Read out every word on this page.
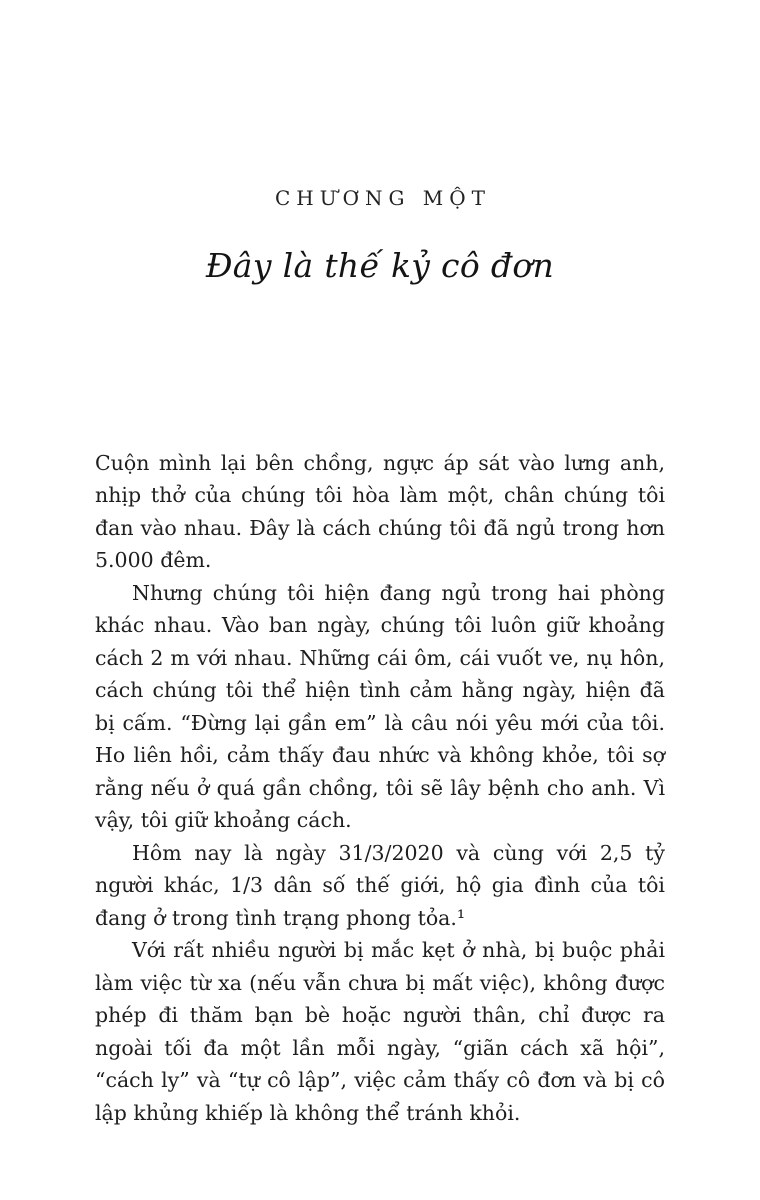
CHƯƠNG MỘT
Đây là thế kỷ cô đơn

Cuộn mình lại bên chồng, ngực áp sát vào lưng anh, nhịp thở của chúng tôi hòa làm một, chân chúng tôi đan vào nhau. Đây là cách chúng tôi đã ngủ trong hơn 5.000 đêm.

Nhưng chúng tôi hiện đang ngủ trong hai phòng khác nhau. Vào ban ngày, chúng tôi luôn giữ khoảng cách 2 m với nhau. Những cái ôm, cái vuốt ve, nụ hôn, cách chúng tôi thể hiện tình cảm hằng ngày, hiện đã bị cấm. “Đừng lại gần em” là câu nói yêu mới của tôi. Ho liên hồi, cảm thấy đau nhức và không khỏe, tôi sợ rằng nếu ở quá gần chồng, tôi sẽ lây bệnh cho anh. Vì vậy, tôi giữ khoảng cách.

Hôm nay là ngày 31/3/2020 và cùng với 2,5 tỷ người khác, 1/3 dân số thế giới, hộ gia đình của tôi đang ở trong tình trạng phong tỏa.¹

Với rất nhiều người bị mắc kẹt ở nhà, bị buộc phải làm việc từ xa (nếu vẫn chưa bị mất việc), không được phép đi thăm bạn bè hoặc người thân, chỉ được ra ngoài tối đa một lần mỗi ngày, “giãn cách xã hội”, “cách ly” và “tự cô lập”, việc cảm thấy cô đơn và bị cô lập khủng khiếp là không thể tránh khỏi.
